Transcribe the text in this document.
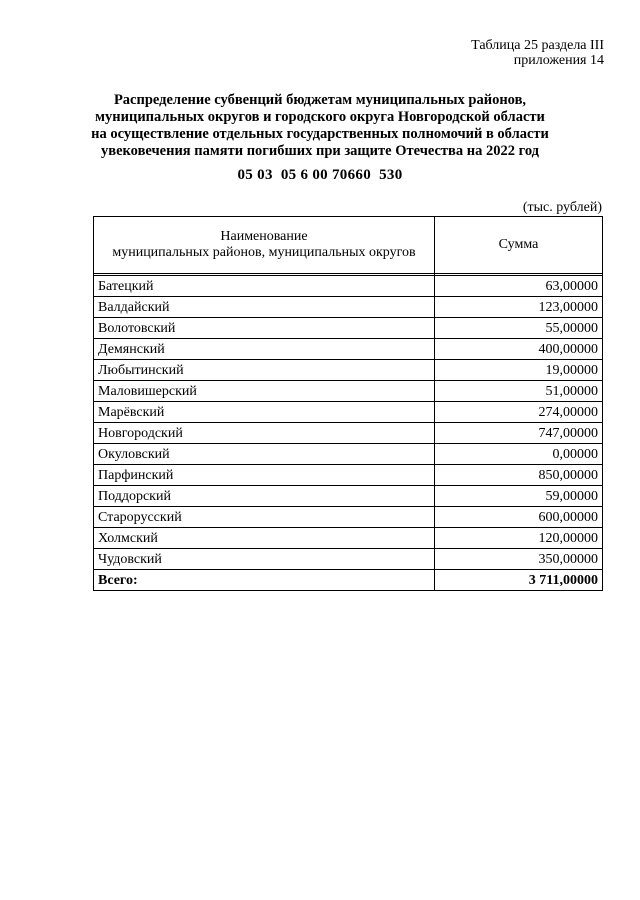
Таблица 25 раздела III
приложения 14
Распределение субвенций бюджетам муниципальных районов,
муниципальных округов и городского округа Новгородской области
на осуществление отдельных государственных полномочий в области
увековечения памяти погибших при защите Отечества на 2022 год
05 03  05 6 00 70660  530
(тыс. рублей)
Наименование
муниципальных районов, муниципальных округов	Сумма

Батецкий	63,00000
Валдайский	123,00000
Волотовский	55,00000
Демянский	400,00000
Любытинский	19,00000
Маловишерский	51,00000
Марёвский	274,00000
Новгородский	747,00000
Окуловский	0,00000
Парфинский	850,00000
Поддорский	59,00000
Старорусский	600,00000
Холмский	120,00000
Чудовский	350,00000
Всего:	3 711,00000
